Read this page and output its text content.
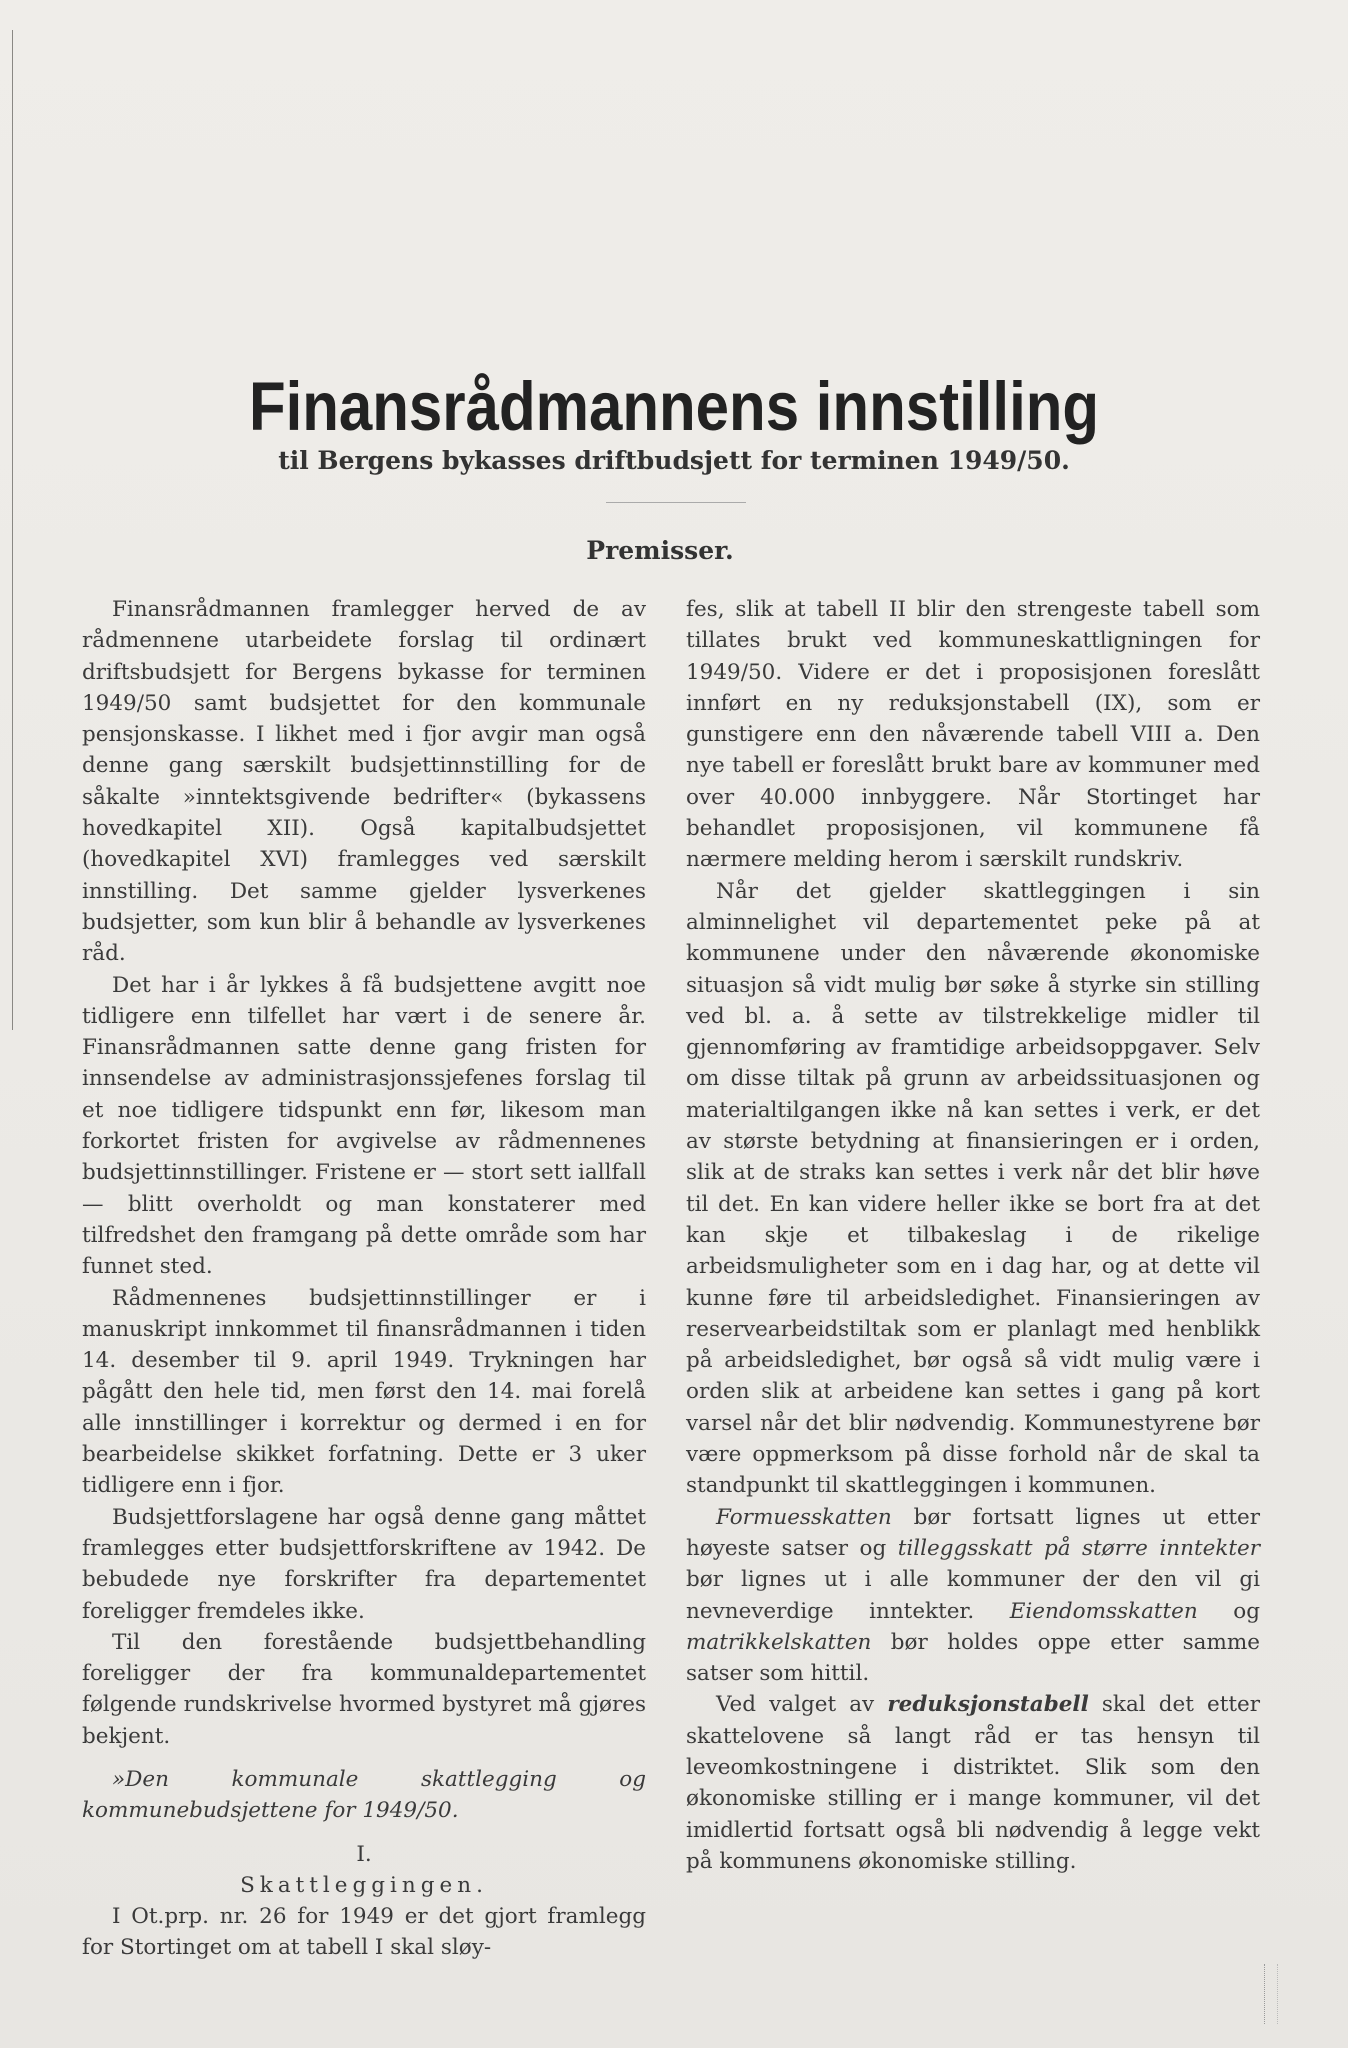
Finansrådmannens innstilling
til Bergens bykasses driftbudsjett for terminen 1949/50.
Premisser.

Finansrådmannen framlegger herved de av rådmennene utarbeidete forslag til ordinært driftsbudsjett for Bergens bykasse for terminen 1949/50 samt budsjettet for den kommunale pensjonskasse. I likhet med i fjor avgir man også denne gang særskilt budsjettinnstilling for de såkalte »inntektsgivende bedrifter« (bykassens hovedkapitel XII). Også kapitalbudsjettet (hovedkapitel XVI) framlegges ved særskilt innstilling. Det samme gjelder lysverkenes budsjetter, som kun blir å behandle av lysverkenes råd.

Det har i år lykkes å få budsjettene avgitt noe tidligere enn tilfellet har vært i de senere år. Finansrådmannen satte denne gang fristen for innsendelse av administrasjonssjefenes forslag til et noe tidligere tidspunkt enn før, likesom man forkortet fristen for avgivelse av rådmennenes budsjettinnstillinger. Fristene er — stort sett iallfall — blitt overholdt og man konstaterer med tilfredshet den framgang på dette område som har funnet sted.

Rådmennenes budsjettinnstillinger er i manuskript innkommet til finansrådmannen i tiden 14. desember til 9. april 1949. Trykningen har pågått den hele tid, men først den 14. mai forelå alle innstillinger i korrektur og dermed i en for bearbeidelse skikket forfatning. Dette er 3 uker tidligere enn i fjor.

Budsjettforslagene har også denne gang måttet framlegges etter budsjettforskriftene av 1942. De bebudede nye forskrifter fra departementet foreligger fremdeles ikke.

Til den forestående budsjettbehandling foreligger der fra kommunaldepartementet følgende rundskrivelse hvormed bystyret må gjøres bekjent.

»Den kommunale skattlegging og kommunebudsjettene for 1949/50.

I.

Skattleggingen.

I Ot.prp. nr. 26 for 1949 er det gjort framlegg for Stortinget om at tabell I skal sløy-

fes, slik at tabell II blir den strengeste tabell som tillates brukt ved kommuneskattligningen for 1949/50. Videre er det i proposisjonen foreslått innført en ny reduksjonstabell (IX), som er gunstigere enn den nåværende tabell VIII a. Den nye tabell er foreslått brukt bare av kommuner med over 40.000 innbyggere. Når Stortinget har behandlet proposisjonen, vil kommunene få nærmere melding herom i særskilt rundskriv.

Når det gjelder skattleggingen i sin alminnelighet vil departementet peke på at kommunene under den nåværende økonomiske situasjon så vidt mulig bør søke å styrke sin stilling ved bl. a. å sette av tilstrekkelige midler til gjennomføring av framtidige arbeidsoppgaver. Selv om disse tiltak på grunn av arbeidssituasjonen og materialtilgangen ikke nå kan settes i verk, er det av største betydning at finansieringen er i orden, slik at de straks kan settes i verk når det blir høve til det. En kan videre heller ikke se bort fra at det kan skje et tilbakeslag i de rikelige arbeidsmuligheter som en i dag har, og at dette vil kunne føre til arbeidsledighet. Finansieringen av reservearbeidstiltak som er planlagt med henblikk på arbeidsledighet, bør også så vidt mulig være i orden slik at arbeidene kan settes i gang på kort varsel når det blir nødvendig. Kommunestyrene bør være oppmerksom på disse forhold når de skal ta standpunkt til skattleggingen i kommunen.

Formuesskatten bør fortsatt lignes ut etter høyeste satser og tilleggsskatt på større inntekter bør lignes ut i alle kommuner der den vil gi nevneverdige inntekter. Eiendomsskatten og matrikkelskatten bør holdes oppe etter samme satser som hittil.

Ved valget av reduksjonstabell skal det etter skattelovene så langt råd er tas hensyn til leveomkostningene i distriktet. Slik som den økonomiske stilling er i mange kommuner, vil det imidlertid fortsatt også bli nødvendig å legge vekt på kommunens økonomiske stilling.
